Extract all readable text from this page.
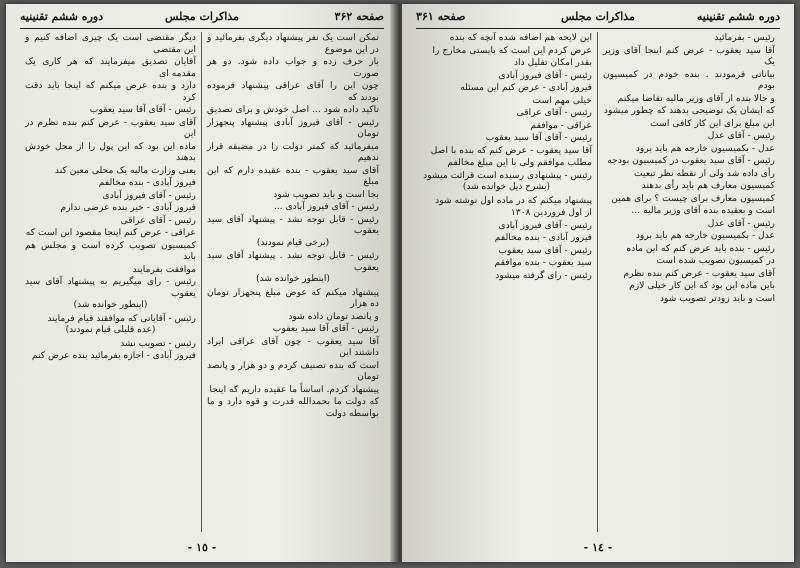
صفحه ۳۶۲
مذاکرات مجلس
دوره ششم تقنینیه

تمکن است یک نفر پیشنهاد دیگری بفرمائید و در این موضوع

باز حرف زده و جواب داده شود. دو هر صورت

چون این را آقای عراقی پیشنهاد فرموده بودند که

تاکید داده شود ... اصل خودش و برای تصدیق

رئیس - آقای فیروز آبادی پیشنهاد پنجهزار تومان

میفرمائید که کمتر دولت را در مضیقه قرار ندهیم

آقای سید یعقوب - بنده عقیده دارم که این مبلغ

بجا است و باید تصویب شود

رئیس - آقای فیروز آبادی ...

رئیس - قابل توجه نشد - پیشنهاد آقای سید یعقوب

(برخی قیام نمودند)

رئیس - قابل توجه نشد . پیشنهاد آقای سید یعقوب

(اینطور خوانده شد)

پیشنهاد میکنم که عوض مبلغ پنجهزار تومان ده هزار

و پانصد تومان داده شود

رئیس - آقای آقا سید یعقوب

آقا سید یعقوب - چون آقای عراقی ایراد داشتند این

است که بنده تصنیف کردم و دو هزار و پانصد تومان

پیشنهاد کردم. اساساً ما عقیده داریم که اینجا

که دولت ما بحمدالله قدرت و قوه دارد و ما بواسطه دولت

دیگر مقتضی است یک چیزی اضافه کنیم و این مقتضی

آقایان تصدیق میفرمایند که هر کاری یک مقدمه ای

دارد و بنده عرض میکنم که اینجا باید دقت کرد

رئیس - آقای آقا سید یعقوب

آقای سید یعقوب - عرض کنم بنده نظرم در این

ماده این بود که این پول را از محل خودش بدهند

یعنی وزارت مالیه یک محلی معین کند

فیروز آبادی - بنده مخالفم

رئیس - آقای فیروز آبادی

فیروز آبادی - خیر بنده عرضی ندارم

رئیس - آقای عراقی

عراقی - عرض کنم اینجا مقصود این است که

کمیسیون تصویب کرده است و مجلس هم باید

موافقت بفرمایند

رئیس - رای میگیریم به پیشنهاد آقای سید یعقوب

(اینطور خوانده شد)

رئیس - آقایانی که موافقند قیام فرمایند

(عده قلیلی قیام نمودند)

رئیس - تصویب نشد

فیروز آبادی - اجازه بفرمائید بنده عرض کنم

- ١٥ -
صفحه ۳۶۱	مذاکرات مجلس	دوره ششم تقنینیه

رئیس - بفرمائید

آقا سید یعقوب - عرض کنم اینجا آقای وزیر یک

بیاناتی فرمودند . بنده خودم در کمیسیون بودم

و حالا بنده از آقای وزیر مالیه تقاضا میکنم

که ایشان یک توضیحی بدهند که چطور میشود

این مبلغ برای این کار کافی است

رئیس - آقای عدل

عدل - بکمیسیون خارجه هم باید برود

رئیس - آقای سید یعقوب در کمیسیون بودجه

رأی داده شد ولی از نقطه نظر تبعیت

کمیسیون معارف هم باید رأی بدهند

کمیسیون معارف برای چیست ؟ برای همین

است و بعقیده بنده آقای وزیر مالیه ...

رئیس - آقای عدل

عدل - بکمیسیون خارجه هم باید برود

رئیس - بنده باید عرض کنم که این ماده

در کمیسیون تصویب شده است

آقای سید یعقوب - عرض کنم بنده نظرم

باین ماده این بود که این کار خیلی لازم

است و باید زودتر تصویب شود

این لایحه هم اضافه شده آنچه که بنده

عرض کردم این است که بایستی مخارج را

بقدر امکان تقلیل داد

رئیس - آقای فیروز آبادی

فیروز آبادی - عرض کنم این مسئله

خیلی مهم است

رئیس - آقای عراقی

عراقی - موافقم

رئیس - آقای آقا سید یعقوب

آقا سید یعقوب - عرض کنم که بنده با اصل

مطلب موافقم ولی با این مبلغ مخالفم

رئیس - پیشنهادی رسیده است قرائت میشود

(بشرح ذیل خوانده شد)

پیشنهاد میکنم که در ماده اول نوشته شود

از اول فروردین ۱۳۰۸

رئیس - آقای فیروز آبادی

فیروز آبادی - بنده مخالفم

رئیس - آقای سید یعقوب

سید یعقوب - بنده موافقم

رئیس - رای گرفته میشود

- ١٤ -
